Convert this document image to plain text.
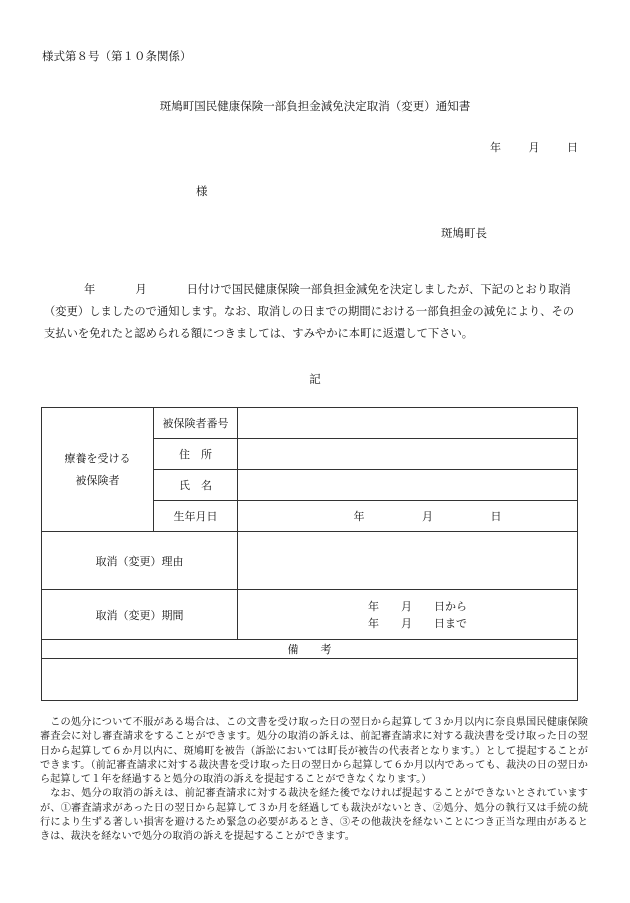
様式第８号（第１０条関係）
斑鳩町国民健康保険一部負担金減免決定取消（変更）通知書
年	月	日
様
斑鳩町長
年	月	日付けで国民健康保険一部負担金減免を決定しましたが、下記のとおり取消（変更）しましたので通知します。なお、取消しの日までの期間における一部負担金の減免により、その支払いを免れたと認められる額につきましては、すみやかに本町に返還して下さい。
記
療養を受ける被保険者	被保険者番号	
	住　所	
	氏　名	
	生年月日	年 月 日
取消（変更）理由		
取消（変更）期間		年　　月　　日から
年　　月　　日まで

備　　考		

この処分について不服がある場合は、この文書を受け取った日の翌日から起算して３か月以内に奈良県国民健康保険審査会に対し審査請求をすることができます。処分の取消の訴えは、前記審査請求に対する裁決書を受け取った日の翌日から起算して６か月以内に、斑鳩町を被告（訴訟においては町長が被告の代表者となります。）として提起することができます。（前記審査請求に対する裁決書を受け取った日の翌日から起算して６か月以内であっても、裁決の日の翌日から起算して１年を経過すると処分の取消の訴えを提起することができなくなります。）

なお、処分の取消の訴えは、前記審査請求に対する裁決を経た後でなければ提起することができないとされていますが、①審査請求があった日の翌日から起算して３か月を経過しても裁決がないとき、②処分、処分の執行又は手続の続行により生ずる著しい損害を避けるため緊急の必要があるとき、③その他裁決を経ないことにつき正当な理由があるときは、裁決を経ないで処分の取消の訴えを提起することができます。
